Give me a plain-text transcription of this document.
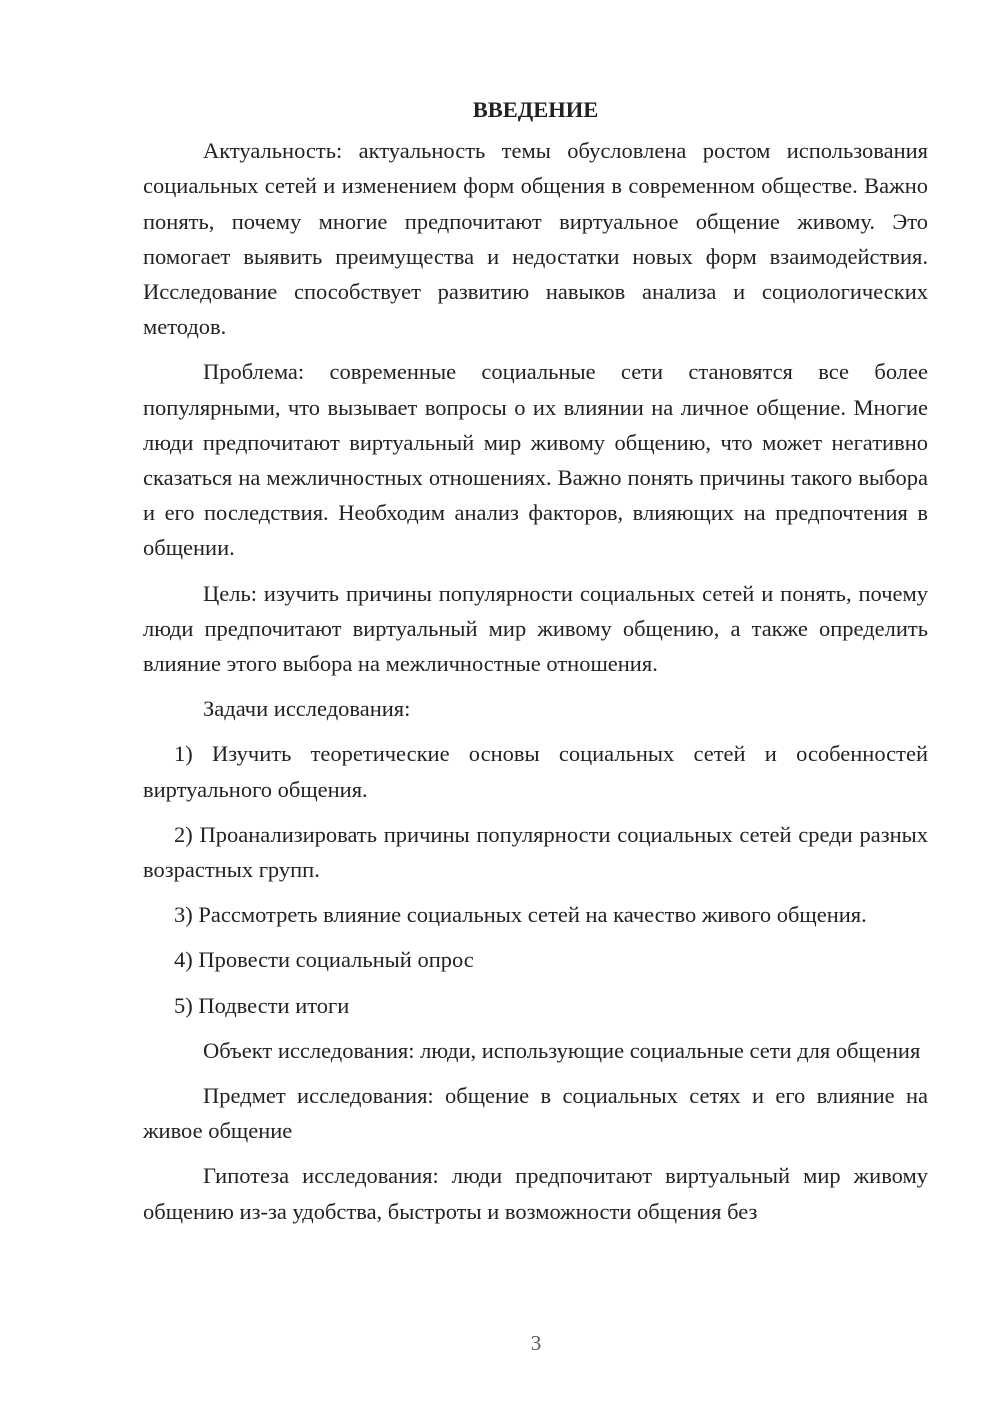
ВВЕДЕНИЕ

Актуальность: актуальность темы обусловлена ростом использования социальных сетей и изменением форм общения в современном обществе. Важно понять, почему многие предпочитают виртуальное общение живому. Это помогает выявить преимущества и недостатки новых форм взаимодействия. Исследование способствует развитию навыков анализа и социологических методов.

Проблема: современные социальные сети становятся все более популярными, что вызывает вопросы о их влиянии на личное общение. Многие люди предпочитают виртуальный мир живому общению, что может негативно сказаться на межличностных отношениях. Важно понять причины такого выбора и его последствия. Необходим анализ факторов, влияющих на предпочтения в общении.

Цель: изучить причины популярности социальных сетей и понять, почему люди предпочитают виртуальный мир живому общению, а также определить влияние этого выбора на межличностные отношения.

Задачи исследования:

1) Изучить теоретические основы социальных сетей и особенностей виртуального общения.

2) Проанализировать причины популярности социальных сетей среди разных возрастных групп.

3) Рассмотреть влияние социальных сетей на качество живого общения.

4) Провести социальный опрос

5) Подвести итоги

Объект исследования: люди, использующие социальные сети для общения

Предмет исследования: общение в социальных сетях и его влияние на живое общение

Гипотеза исследования: люди предпочитают виртуальный мир живому общению из-за удобства, быстроты и возможности общения без

3
